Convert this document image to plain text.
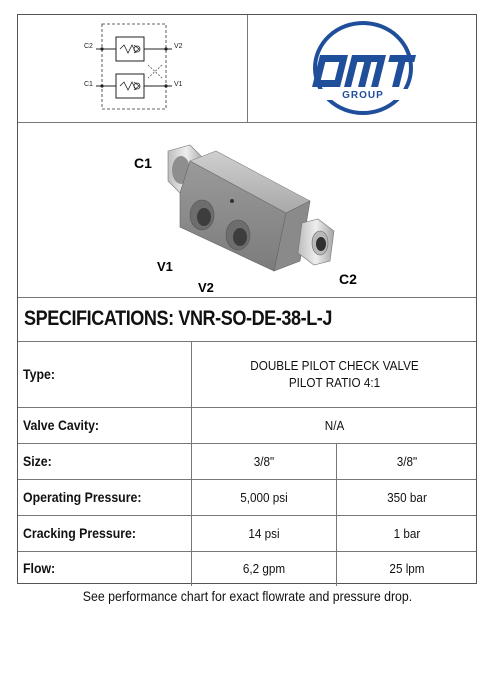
C2
C1
V2
V1
GROUP
C1
V1
V2
C2
SPECIFICATIONS: VNR-SO-DE-38-L-J
Type:
DOUBLE PILOT CHECK VALVE
PILOT RATIO 4:1
Valve Cavity:	N/A
Size:	3/8"	3/8"
Operating Pressure:	5,000 psi	350 bar
Cracking Pressure:	14 psi	1 bar
Flow:	6,2 gpm	25 lpm
See performance chart for exact flowrate and pressure drop.
